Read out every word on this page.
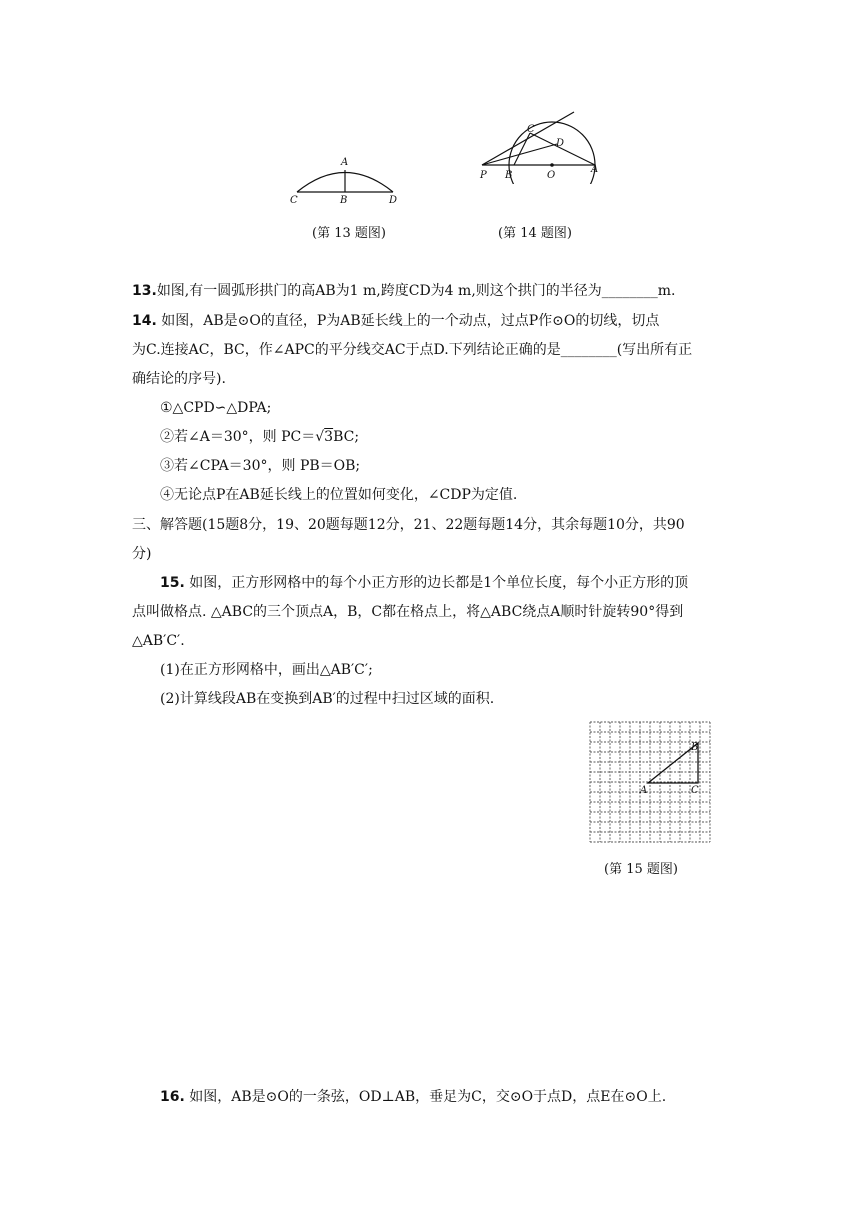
A
B
C	D
(第 13 题图)
C
D
P B	O
A
(第 14 题图)
13.如图,有一圆弧形拱门的高AB为1 m,跨度CD为4 m,则这个拱门的半径为________m.
14. 如图，AB是⊙O的直径，P为AB延长线上的一个动点，过点P作⊙O的切线，切点
为C.连接AC，BC，作∠APC的平分线交AC于点D.下列结论正确的是________(写出所有正
确结论的序号).
①△CPD∽△DPA;
②若∠A＝30°，则 PC＝√3BC;
③若∠CPA＝30°，则 PB＝OB;
④无论点P在AB延长线上的位置如何变化，∠CDP为定值.
三、解答题(15题8分，19、20题每题12分，21、22题每题14分，其余每题10分，共90
分)
15. 如图，正方形网格中的每个小正方形的边长都是1个单位长度，每个小正方形的顶
点叫做格点. △ABC的三个顶点A，B，C都在格点上，将△ABC绕点A顺时针旋转90°得到
△AB′C′.
(1)在正方形网格中，画出△AB′C′;
(2)计算线段AB在变换到AB′的过程中扫过区域的面积.
A
B
C
(第 15 题图)
16. 如图，AB是⊙O的一条弦，OD⊥AB，垂足为C，交⊙O于点D，点E在⊙O上.
